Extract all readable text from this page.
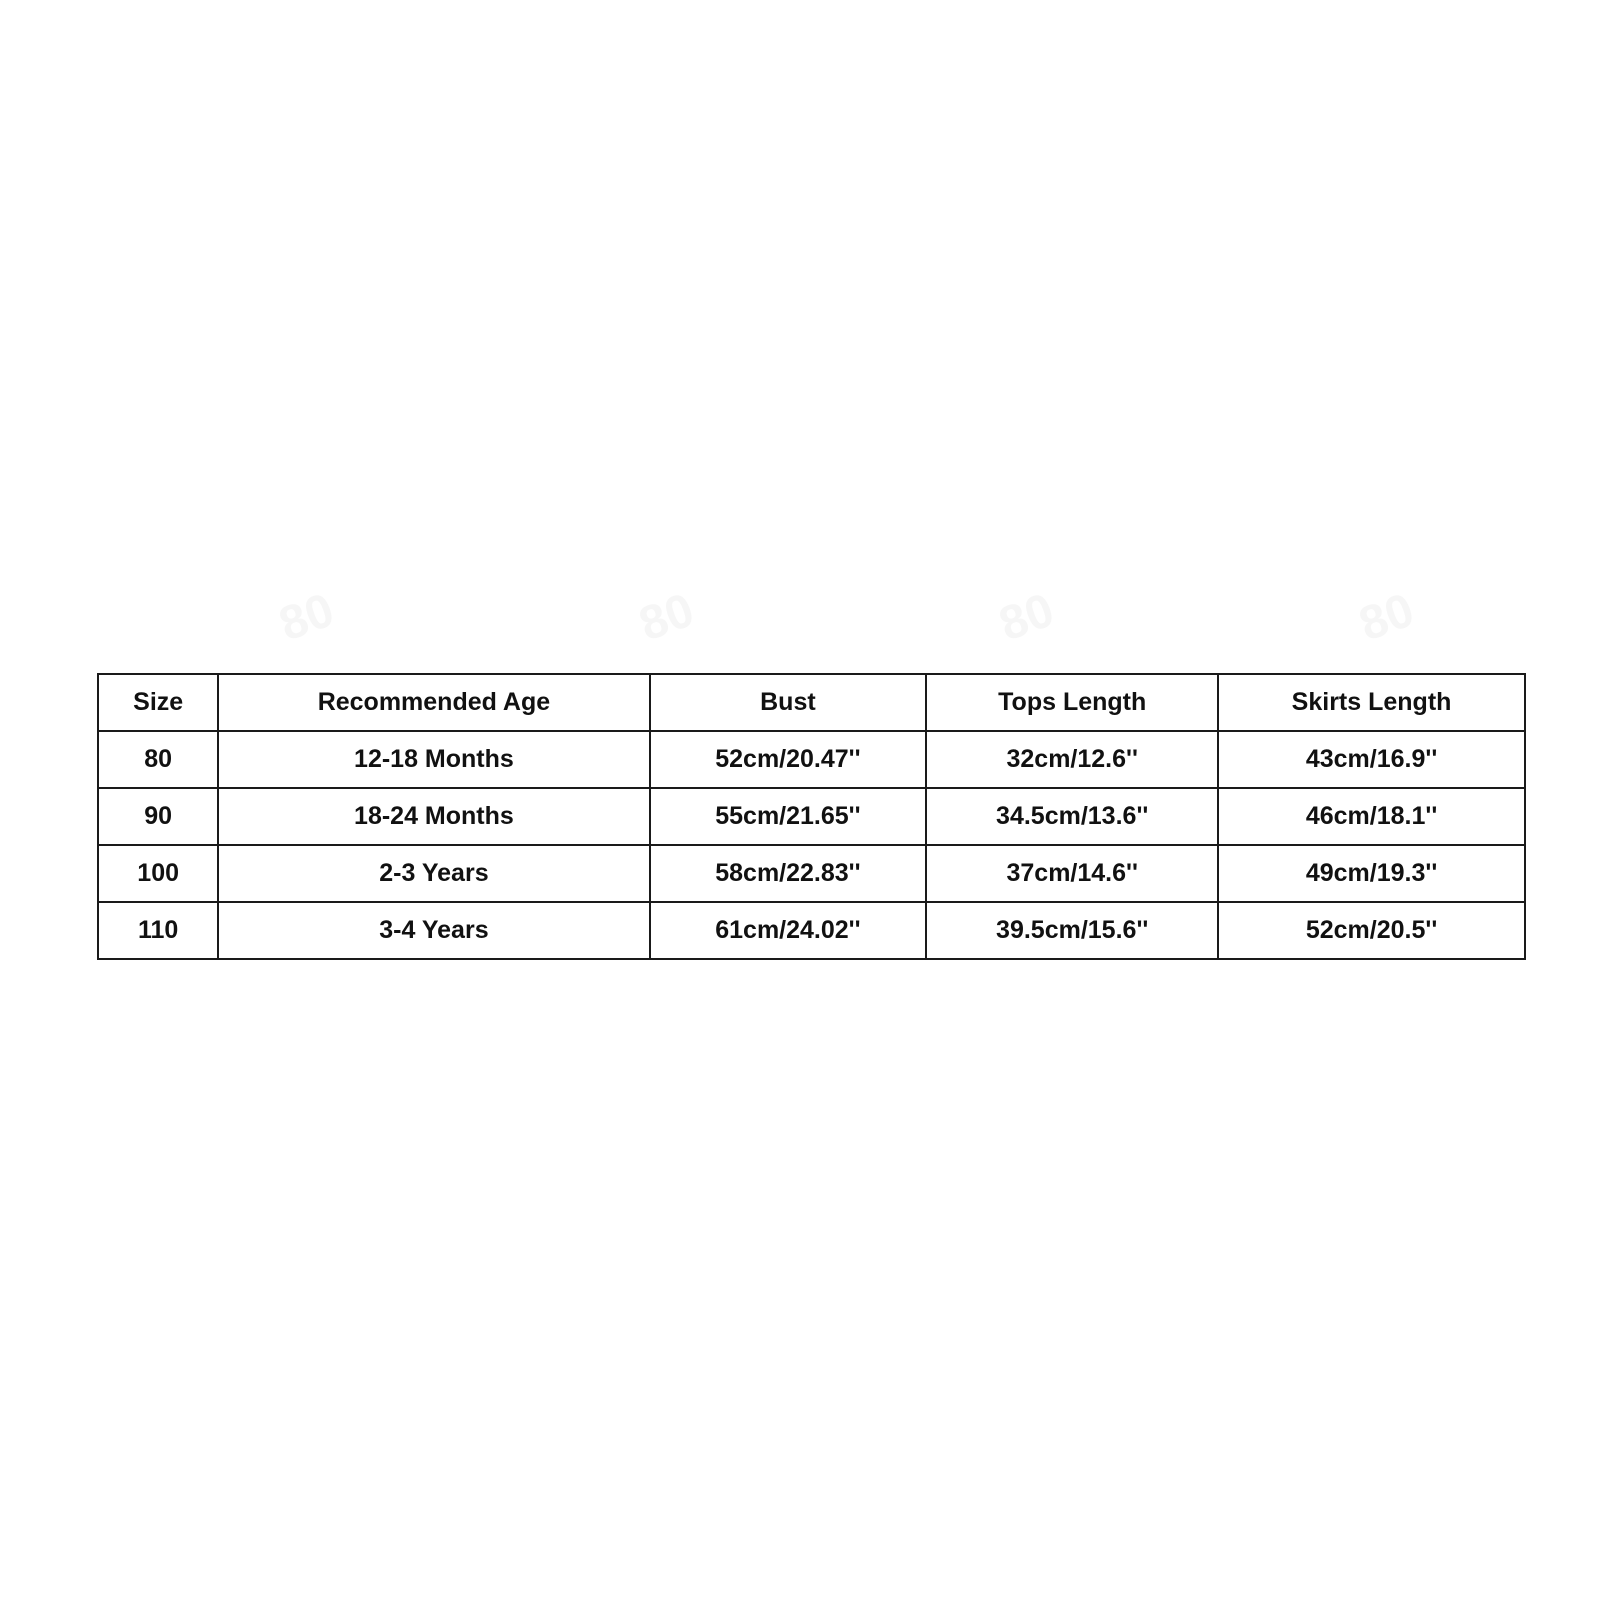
Size	Recommended Age	Bust	Tops Length	Skirts Length
80	12-18 Months	52cm/20.47''	32cm/12.6''	43cm/16.9''
90	18-24 Months	55cm/21.65''	34.5cm/13.6''	46cm/18.1''
100	2-3 Years	58cm/22.83''	37cm/14.6''	49cm/19.3''
110	3-4 Years	61cm/24.02''	39.5cm/15.6''	52cm/20.5''
